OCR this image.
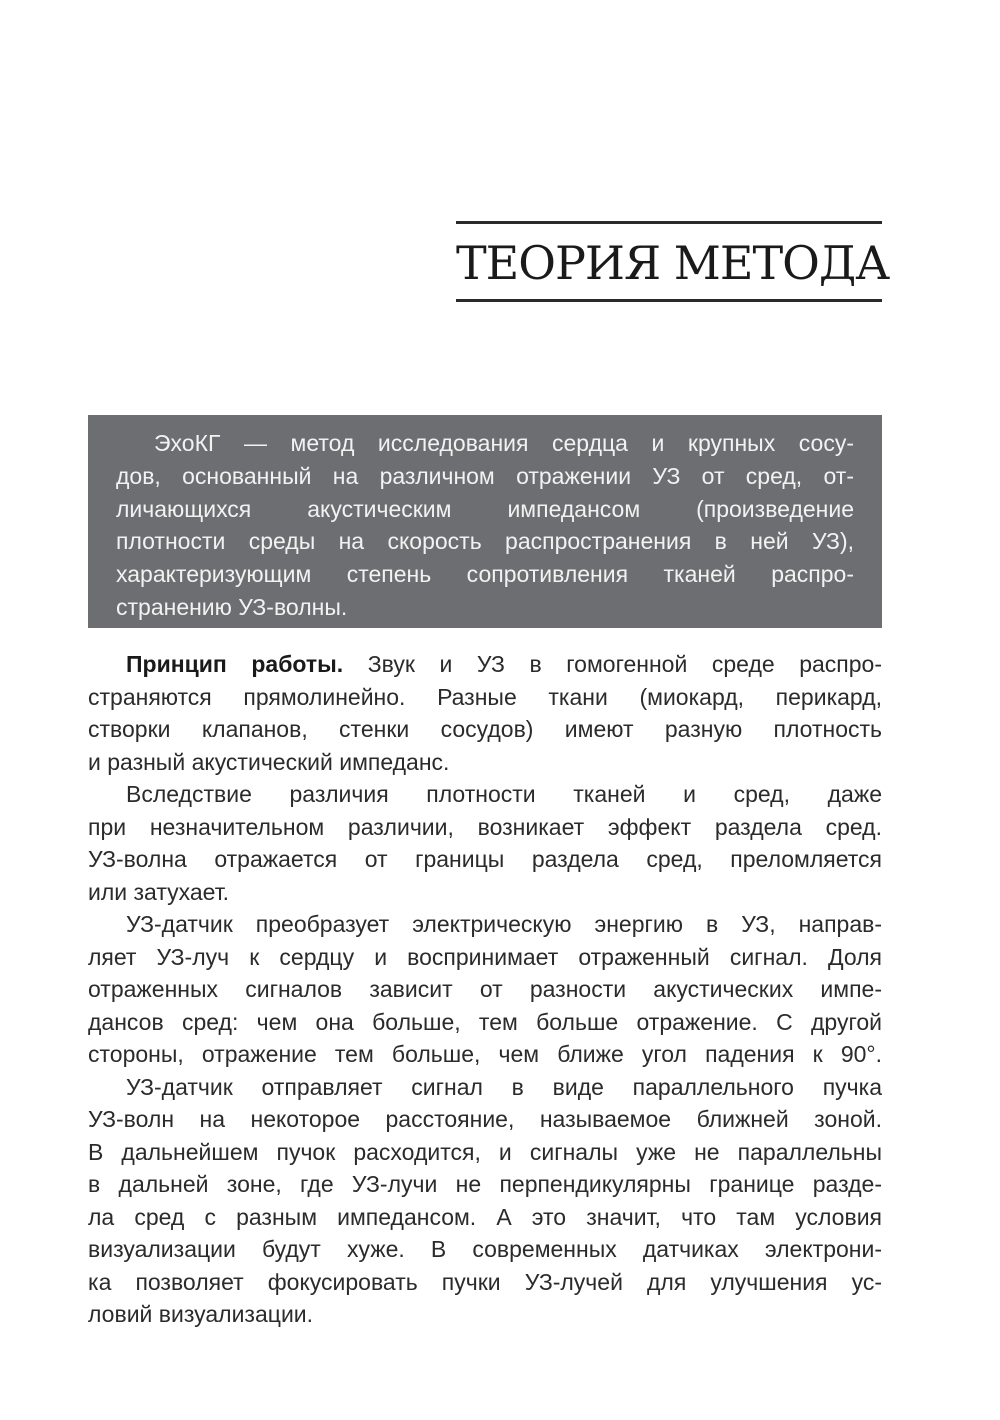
ТЕОРИЯ МЕТОДА
ЭхоКГ — метод исследования сердца и крупных сосу-
дов, основанный на различном отражении УЗ от сред, от-
личающихся акустическим импедансом (произведение
плотности среды на скорость распространения в ней УЗ),
характеризующим степень сопротивления тканей распро-
странению УЗ-волны.
Принцип работы. Звук и УЗ в гомогенной среде распро-
страняются прямолинейно. Разные ткани (миокард, перикард,
створки клапанов, стенки сосудов) имеют разную плотность
и разный акустический импеданс.
Вследствие различия плотности тканей и сред, даже
при незначительном различии, возникает эффект раздела сред.
УЗ-волна отражается от границы раздела сред, преломляется
или затухает.
УЗ-датчик преобразует электрическую энергию в УЗ, направ-
ляет УЗ-луч к сердцу и воспринимает отраженный сигнал. Доля
отраженных сигналов зависит от разности акустических импе-
дансов сред: чем она больше, тем больше отражение. С другой
стороны, отражение тем больше, чем ближе угол падения к 90°.
УЗ-датчик отправляет сигнал в виде параллельного пучка
УЗ-волн на некоторое расстояние, называемое ближней зоной.
В дальнейшем пучок расходится, и сигналы уже не параллельны
в дальней зоне, где УЗ-лучи не перпендикулярны границе разде-
ла сред с разным импедансом. А это значит, что там условия
визуализации будут хуже. В современных датчиках электрони-
ка позволяет фокусировать пучки УЗ-лучей для улучшения ус-
ловий визуализации.
